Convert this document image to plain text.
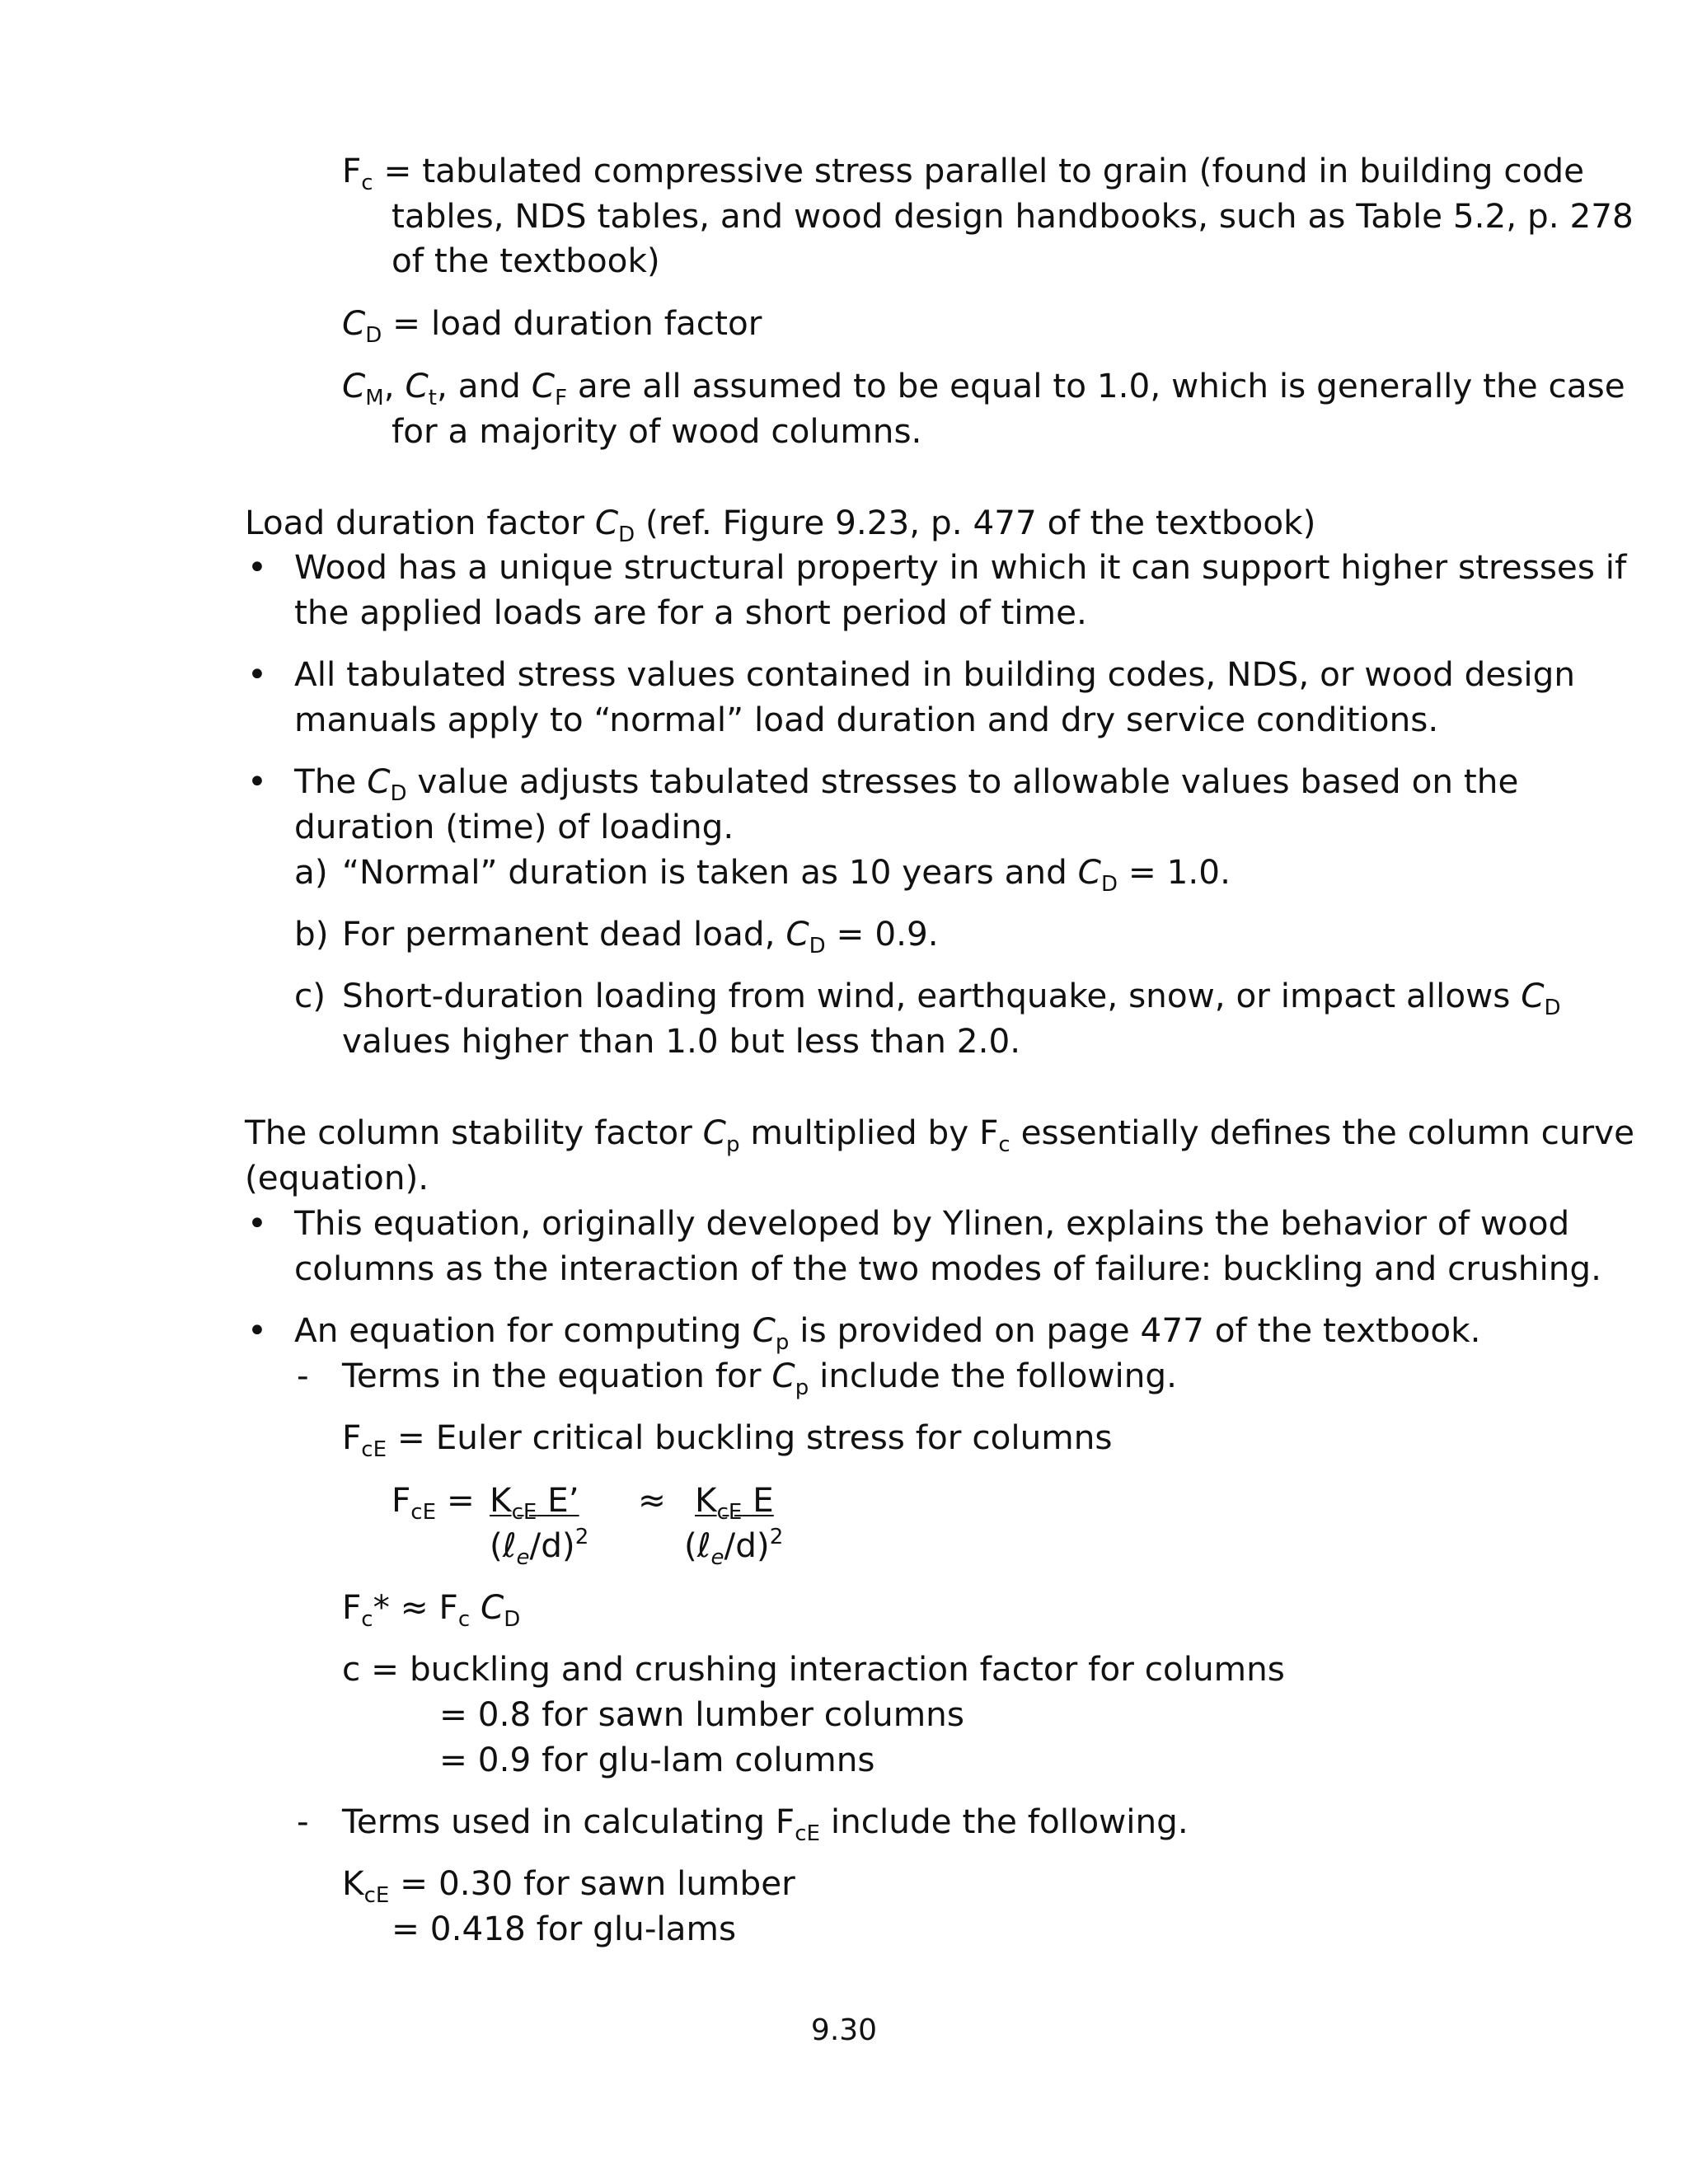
$F_c$ = tabulated compressive stress parallel to grain (found in building code
tables, NDS tables, and wood design handbooks, such as Table 5.2, p. 278
of the textbook)
$C_D$ = load duration factor
$C_M$, $C_t$, and $C_F$ are all assumed to be equal to 1.0, which is generally the case
for a majority of wood columns.
Load duration factor $C_D$ (ref. Figure 9.23, p. 477 of the textbook)
• Wood has a unique structural property in which it can support higher stresses if
the applied loads are for a short period of time.
• All tabulated stress values contained in building codes, NDS, or wood design
manuals apply to “normal” load duration and dry service conditions.
• The $C_D$ value adjusts tabulated stresses to allowable values based on the
duration (time) of loading.
a) “Normal” duration is taken as 10 years and $C_D = 1.0$.
b) For permanent dead load, $C_D = 0.9$.
c) Short-duration loading from wind, earthquake, snow, or impact allows $C_D$
values higher than 1.0 but less than 2.0.
The column stability factor $C_p$ multiplied by $F_c$ essentially defines the column curve
(equation).
• This equation, originally developed by Ylinen, explains the behavior of wood
columns as the interaction of the two modes of failure: buckling and crushing.
• An equation for computing $C_p$ is provided on page 477 of the textbook.
- Terms in the equation for $C_p$ include the following.
$F_{cE}$ = Euler critical buckling stress for columns
$F_{cE} = K_{cE}$ E’ ≈ $K_{cE}$ E
(ℓ$_e$/d)$^2$	(ℓ$_e$/d)$^2$
$F_c* \approx F_c$ $C_D$
c = buckling and crushing interaction factor for columns
= 0.8 for sawn lumber columns
= 0.9 for glu-lam columns
- Terms used in calculating $F_{cE}$ include the following.
$K_{cE} = 0.30$ for sawn lumber
= 0.418 for glu-lams
9.30
